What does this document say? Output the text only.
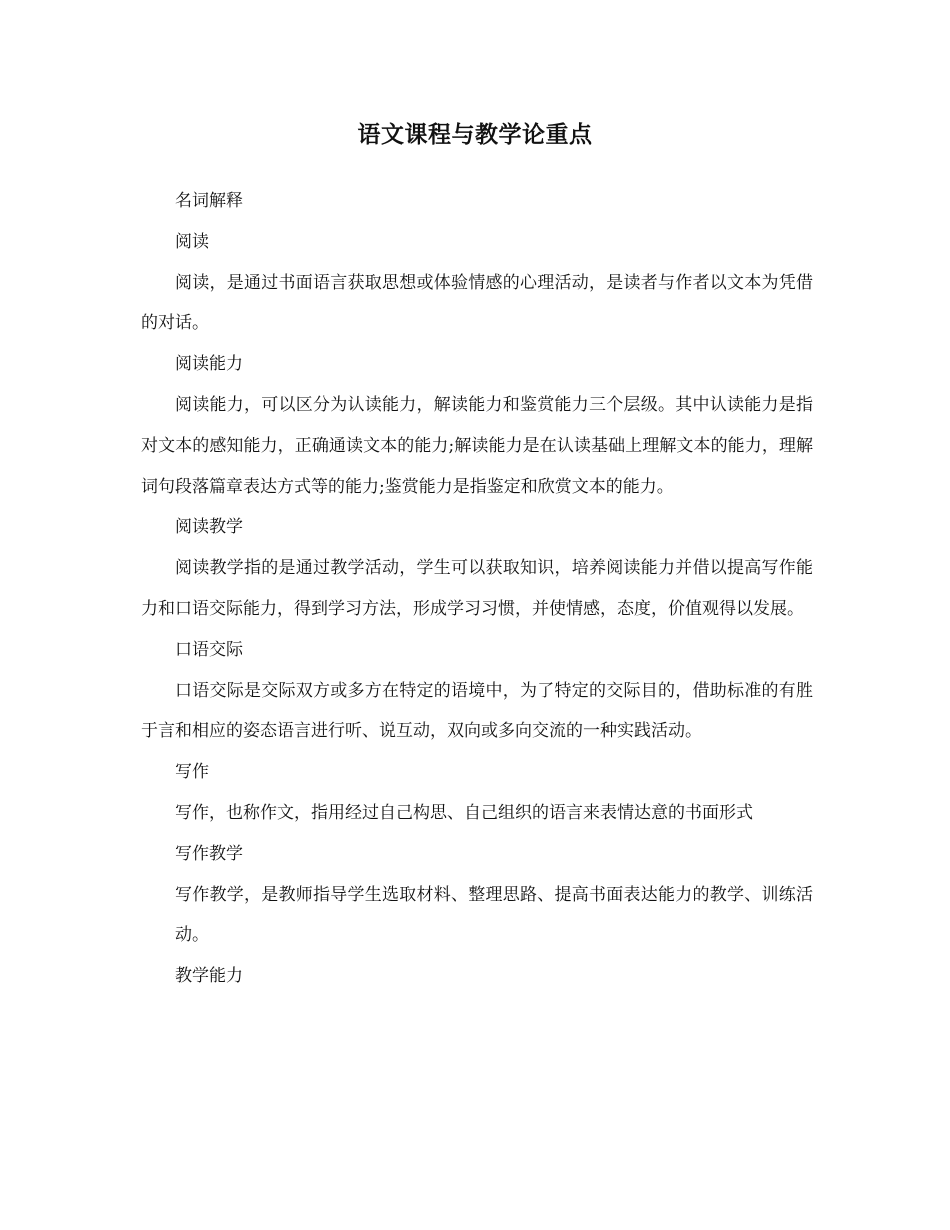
语文课程与教学论重点

名词解释

阅读

阅读，是通过书面语言获取思想或体验情感的心理活动，是读者与作者以文本为凭借的对话。

阅读能力

阅读能力，可以区分为认读能力，解读能力和鉴赏能力三个层级。其中认读能力是指对文本的感知能力，正确通读文本的能力;解读能力是在认读基础上理解文本的能力，理解词句段落篇章表达方式等的能力;鉴赏能力是指鉴定和欣赏文本的能力。

阅读教学

阅读教学指的是通过教学活动，学生可以获取知识，培养阅读能力并借以提高写作能力和口语交际能力，得到学习方法，形成学习习惯，并使情感，态度，价值观得以发展。

口语交际

口语交际是交际双方或多方在特定的语境中，为了特定的交际目的，借助标准的有胜于言和相应的姿态语言进行听、说互动，双向或多向交流的一种实践活动。

写作

写作，也称作文，指用经过自己构思、自己组织的语言来表情达意的书面形式

写作教学

写作教学，是教师指导学生选取材料、整理思路、提高书面表达能力的教学、训练活动。

教学能力
